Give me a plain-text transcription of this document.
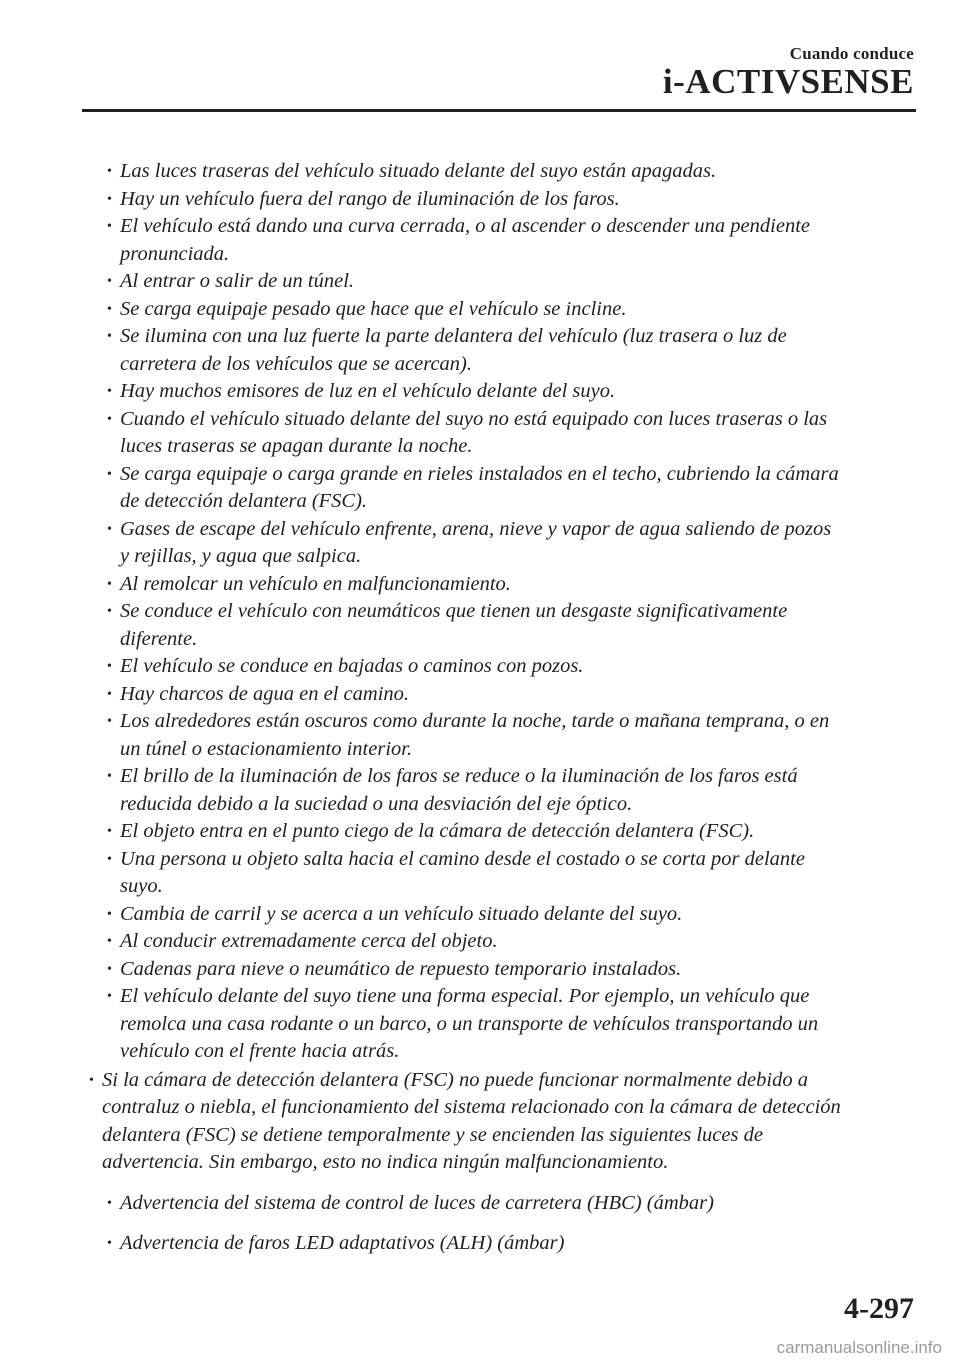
Cuando conduce
i-ACTIVSENSE
• Las luces traseras del vehículo situado delante del suyo están apagadas.
• Hay un vehículo fuera del rango de iluminación de los faros.
• El vehículo está dando una curva cerrada, o al ascender o descender una pendiente
pronunciada.
• Al entrar o salir de un túnel.
• Se carga equipaje pesado que hace que el vehículo se incline.
• Se ilumina con una luz fuerte la parte delantera del vehículo (luz trasera o luz de
carretera de los vehículos que se acercan).
• Hay muchos emisores de luz en el vehículo delante del suyo.
• Cuando el vehículo situado delante del suyo no está equipado con luces traseras o las
luces traseras se apagan durante la noche.
• Se carga equipaje o carga grande en rieles instalados en el techo, cubriendo la cámara
de detección delantera (FSC).
• Gases de escape del vehículo enfrente, arena, nieve y vapor de agua saliendo de pozos
y rejillas, y agua que salpica.
• Al remolcar un vehículo en malfuncionamiento.
• Se conduce el vehículo con neumáticos que tienen un desgaste significativamente
diferente.
• El vehículo se conduce en bajadas o caminos con pozos.
• Hay charcos de agua en el camino.
• Los alrededores están oscuros como durante la noche, tarde o mañana temprana, o en
un túnel o estacionamiento interior.
• El brillo de la iluminación de los faros se reduce o la iluminación de los faros está
reducida debido a la suciedad o una desviación del eje óptico.
• El objeto entra en el punto ciego de la cámara de detección delantera (FSC).
• Una persona u objeto salta hacia el camino desde el costado o se corta por delante
suyo.
• Cambia de carril y se acerca a un vehículo situado delante del suyo.
• Al conducir extremadamente cerca del objeto.
• Cadenas para nieve o neumático de repuesto temporario instalados.
• El vehículo delante del suyo tiene una forma especial. Por ejemplo, un vehículo que
remolca una casa rodante o un barco, o un transporte de vehículos transportando un
vehículo con el frente hacia atrás.
• Si la cámara de detección delantera (FSC) no puede funcionar normalmente debido a
contraluz o niebla, el funcionamiento del sistema relacionado con la cámara de detección
delantera (FSC) se detiene temporalmente y se encienden las siguientes luces de
advertencia. Sin embargo, esto no indica ningún malfuncionamiento.
• Advertencia del sistema de control de luces de carretera (HBC) (ámbar)
• Advertencia de faros LED adaptativos (ALH) (ámbar)
4-297
carmanualsonline.info
